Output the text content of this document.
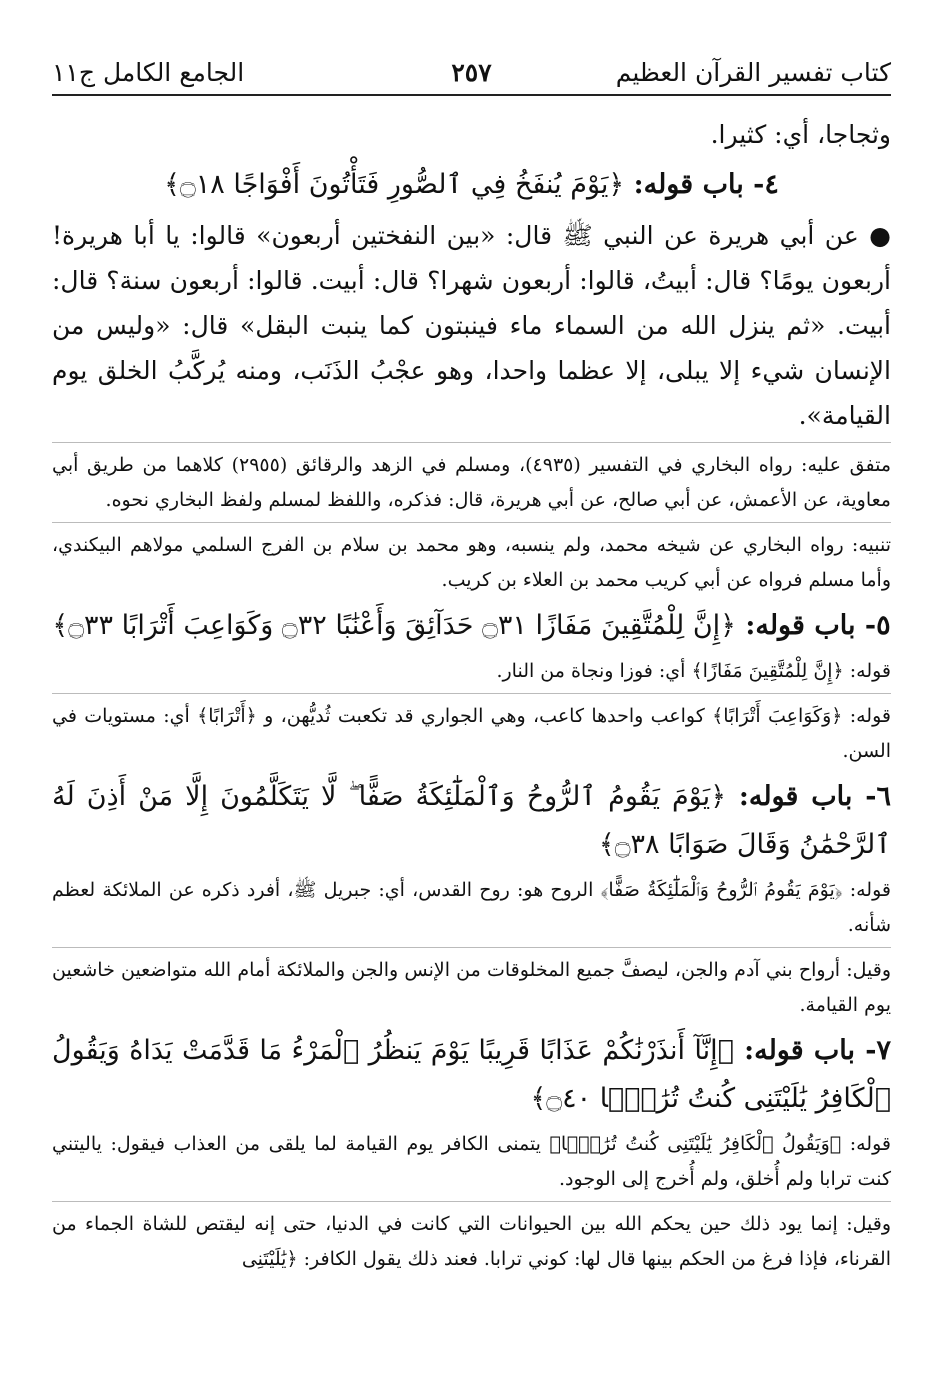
كتاب تفسير القرآن العظيم
٢٥٧
الجامع الكامل ج١١

وثجاجا، أي: كثيرا.

٤- باب قوله: ﴿يَوْمَ يُنفَخُ فِي ٱلصُّورِ فَتَأْتُونَ أَفْوَاجًا ۝١٨﴾

● عن أبي هريرة عن النبي ﷺ قال: «بين النفختين أربعون» قالوا: يا أبا هريرة! أربعون يومًا؟ قال: أبيتُ، قالوا: أربعون شهرا؟ قال: أبيت. قالوا: أربعون سنة؟ قال: أبيت. «ثم ينزل الله من السماء ماء فينبتون كما ينبت البقل» قال: «وليس من الإنسان شيء إلا يبلى، إلا عظما واحدا، وهو عجْبُ الذَنَب، ومنه يُركَّبُ الخلق يوم القيامة».

متفق عليه: رواه البخاري في التفسير (٤٩٣٥)، ومسلم في الزهد والرقائق (٢٩٥٥) كلاهما من طريق أبي معاوية، عن الأعمش، عن أبي صالح، عن أبي هريرة، قال: فذكره، واللفظ لمسلم ولفظ البخاري نحوه.

تنبيه: رواه البخاري عن شيخه محمد، ولم ينسبه، وهو محمد بن سلام بن الفرج السلمي مولاهم البيكندي، وأما مسلم فرواه عن أبي كريب محمد بن العلاء بن كريب.

٥- باب قوله: ﴿إِنَّ لِلْمُتَّقِينَ مَفَازًا ۝٣١ حَدَآئِقَ وَأَعْنَٰبًا ۝٣٢ وَكَوَاعِبَ أَتْرَابًا ۝٣٣﴾

قوله: ﴿إِنَّ لِلْمُتَّقِينَ مَفَازًا﴾ أي: فوزا ونجاة من النار.

قوله: ﴿وَكَوَاعِبَ أَتْرَابًا﴾ كواعب واحدها كاعب، وهي الجواري قد تكعبت ثُديُّهن، و ﴿أَتْرَابًا﴾ أي: مستويات في السن.

٦- باب قوله: ﴿يَوْمَ يَقُومُ ٱلرُّوحُ وَٱلْمَلَٰٓئِكَةُ صَفًّا ۖ لَّا يَتَكَلَّمُونَ إِلَّا مَنْ أَذِنَ لَهُ ٱلرَّحْمَٰنُ وَقَالَ صَوَابًا ۝٣٨﴾

قوله: ﴿يَوْمَ يَقُومُ ٱلرُّوحُ وَٱلْمَلَٰٓئِكَةُ صَفًّا﴾ الروح هو: روح القدس، أي: جبريل ﷺ، أفرد ذكره عن الملائكة لعظم شأنه.

وقيل: أرواح بني آدم والجن، ليصفَّ جميع المخلوقات من الإنس والجن والملائكة أمام الله متواضعين خاشعين يوم القيامة.

٧- باب قوله: ﴿إِنَّآ أَنذَرْنَٰكُمْ عَذَابًا قَرِيبًا يَوْمَ يَنظُرُ ٱلْمَرْءُ مَا قَدَّمَتْ يَدَاهُ وَيَقُولُ ٱلْكَافِرُ يَٰلَيْتَنِى كُنتُ تُرَٰبًۢا ۝٤٠﴾

قوله: ﴿وَيَقُولُ ٱلْكَافِرُ يَٰلَيْتَنِى كُنتُ تُرَٰبًۢا﴾ يتمنى الكافر يوم القيامة لما يلقى من العذاب فيقول: ياليتني كنت ترابا ولم أُخلق، ولم أُخرج إلى الوجود.

وقيل: إنما يود ذلك حين يحكم الله بين الحيوانات التي كانت في الدنيا، حتى إنه ليقتص للشاة الجماء من القرناء، فإذا فرغ من الحكم بينها قال لها: كوني ترابا. فعند ذلك يقول الكافر: ﴿يَٰلَيْتَنِى
